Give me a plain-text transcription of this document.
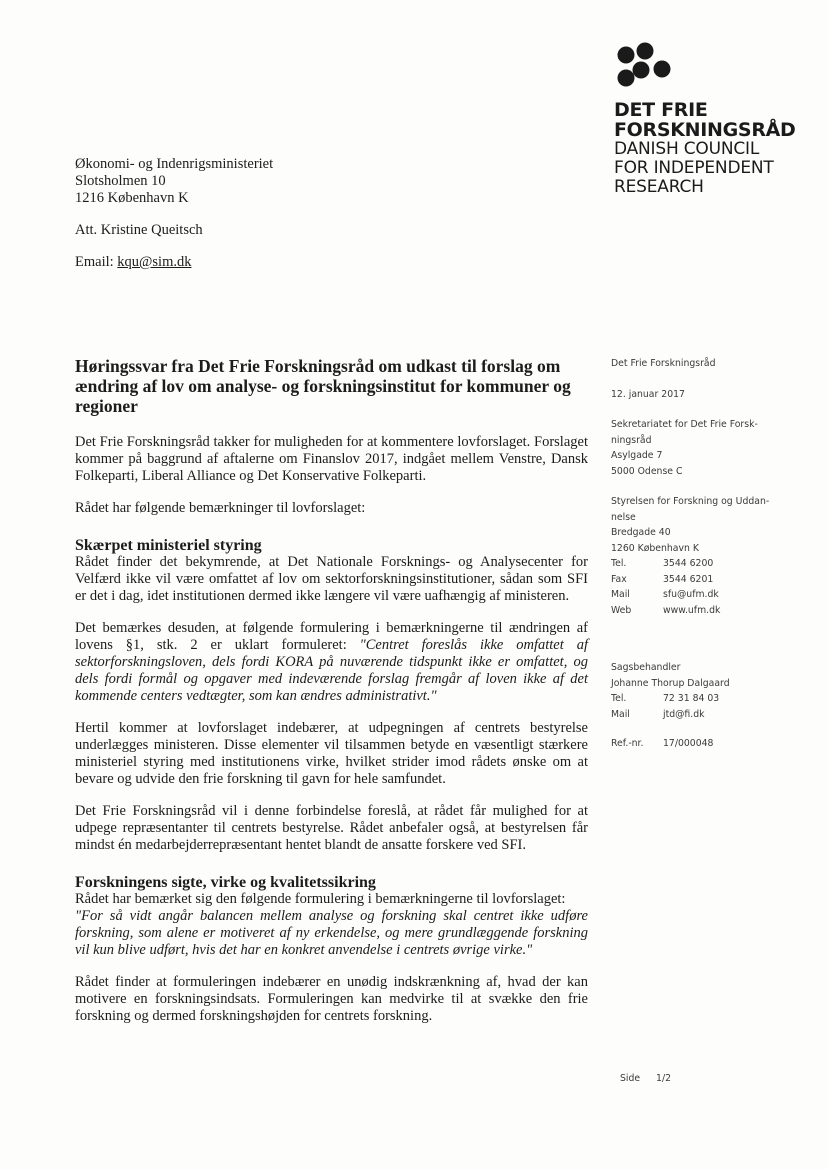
DET FRIE
FORSKNINGSRÅD
DANISH COUNCIL
FOR INDEPENDENT
RESEARCH
Økonomi- og Indenrigsministeriet
Slotsholmen 10
1216 København K
Att. Kristine Queitsch
Email: kqu@sim.dk
Det Frie Forskningsråd
12. januar 2017
Sekretariatet for Det Frie Forsk-
ningsråd
Asylgade 7
5000 Odense C
Styrelsen for Forskning og Uddan-
nelse
Bredgade 40
1260 København K
Tel.	3544 6200
Fax	3544 6201
Mail	sfu@ufm.dk
Web	www.ufm.dk
Sagsbehandler
Johanne Thorup Dalgaard
Tel.	72 31 84 03
Mail	jtd@fi.dk
Ref.-nr.	17/000048
Høringssvar fra Det Frie Forskningsråd om udkast til forslag om ændring af lov om analyse- og forskningsinstitut for kommuner og regioner

Det Frie Forskningsråd takker for muligheden for at kommentere lovforslaget. Forslaget kommer på baggrund af aftalerne om Finanslov 2017, indgået mellem Venstre, Dansk Folkeparti, Liberal Alliance og Det Konservative Folkeparti.

Rådet har følgende bemærkninger til lovforslaget:

Skærpet ministeriel styring

Rådet finder det bekymrende, at Det Nationale Forsknings- og Analysecenter for Velfærd ikke vil være omfattet af lov om sektorforskningsinstitutioner, sådan som SFI er det i dag, idet institutionen dermed ikke længere vil være uafhængig af ministeren.

Det bemærkes desuden, at følgende formulering i bemærkningerne til ændringen af lovens §1, stk. 2 er uklart formuleret: "Centret foreslås ikke omfattet af sektorforskningsloven, dels fordi KORA på nuværende tidspunkt ikke er omfattet, og dels fordi formål og opgaver med indeværende forslag fremgår af loven ikke af det kommende centers vedtægter, som kan ændres administrativt."

Hertil kommer at lovforslaget indebærer, at udpegningen af centrets bestyrelse underlægges ministeren. Disse elementer vil tilsammen betyde en væsentligt stærkere ministeriel styring med institutionens virke, hvilket strider imod rådets ønske om at bevare og udvide den frie forskning til gavn for hele samfundet.

Det Frie Forskningsråd vil i denne forbindelse foreslå, at rådet får mulighed for at udpege repræsentanter til centrets bestyrelse. Rådet anbefaler også, at bestyrelsen får mindst én medarbejderrepræsentant hentet blandt de ansatte forskere ved SFI.

Forskningens sigte, virke og kvalitetssikring

Rådet har bemærket sig den følgende formulering i bemærkningerne til lovforslaget:

"For så vidt angår balancen mellem analyse og forskning skal centret ikke udføre forskning, som alene er motiveret af ny erkendelse, og mere grundlæggende forskning vil kun blive udført, hvis det har en konkret anvendelse i centrets øvrige virke."

Rådet finder at formuleringen indebærer en unødig indskrænkning af, hvad der kan motivere en forskningsindsats. Formuleringen kan medvirke til at svække den frie forskning og dermed forskningshøjden for centrets forskning.

Side 1/2
